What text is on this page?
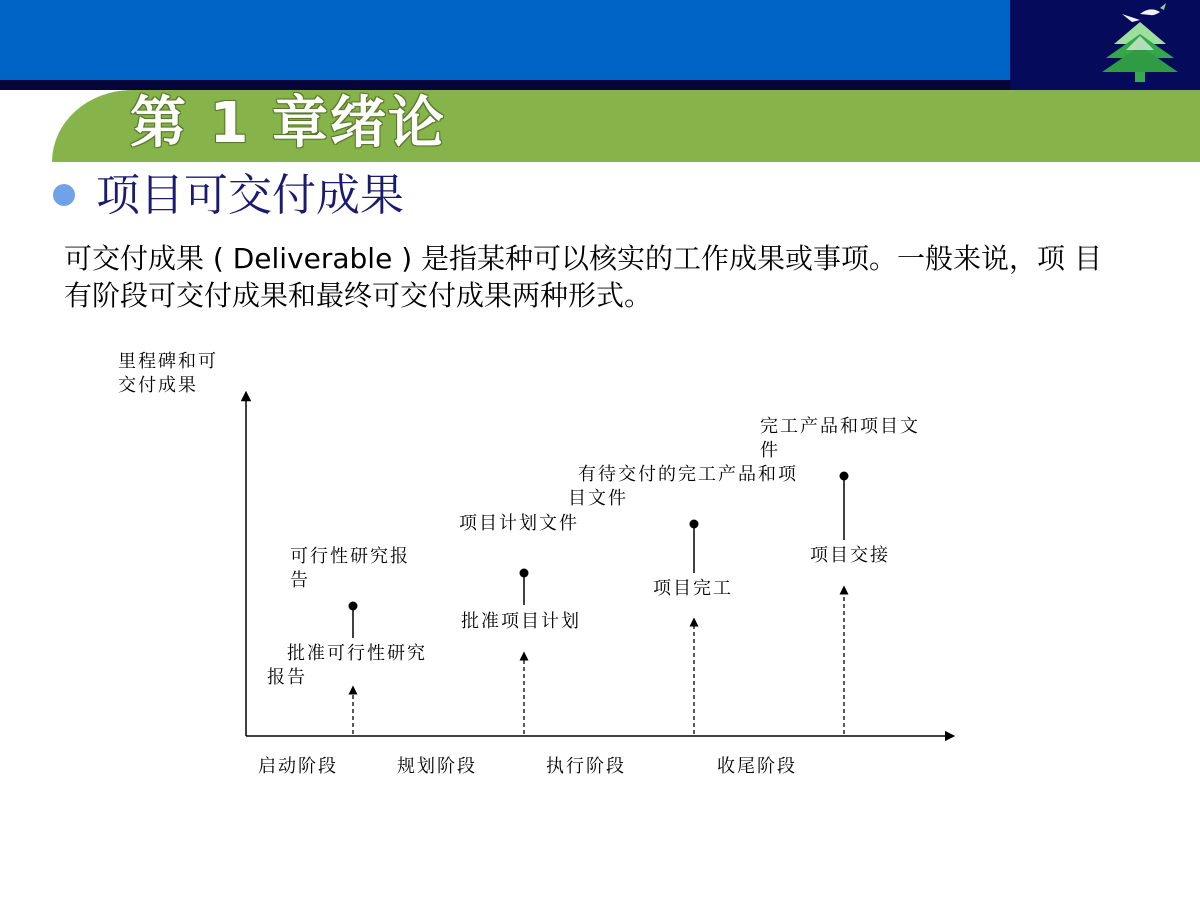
第 1 章绪论
项目可交付成果
可交付成果 ( Deliverable ) 是指某种可以核实的工作成果或事项。一般来说，项 目
有阶段可交付成果和最终可交付成果两种形式。
里程碑和可
交付成果
启动阶段	规划阶段	执行阶段	收尾阶段
可行性研究报
告
批准可行性研究
报告
项目计划文件
批准项目计划
有待交付的完工产品和项
目文件
项目完工
完工产品和项目文
件
项目交接
